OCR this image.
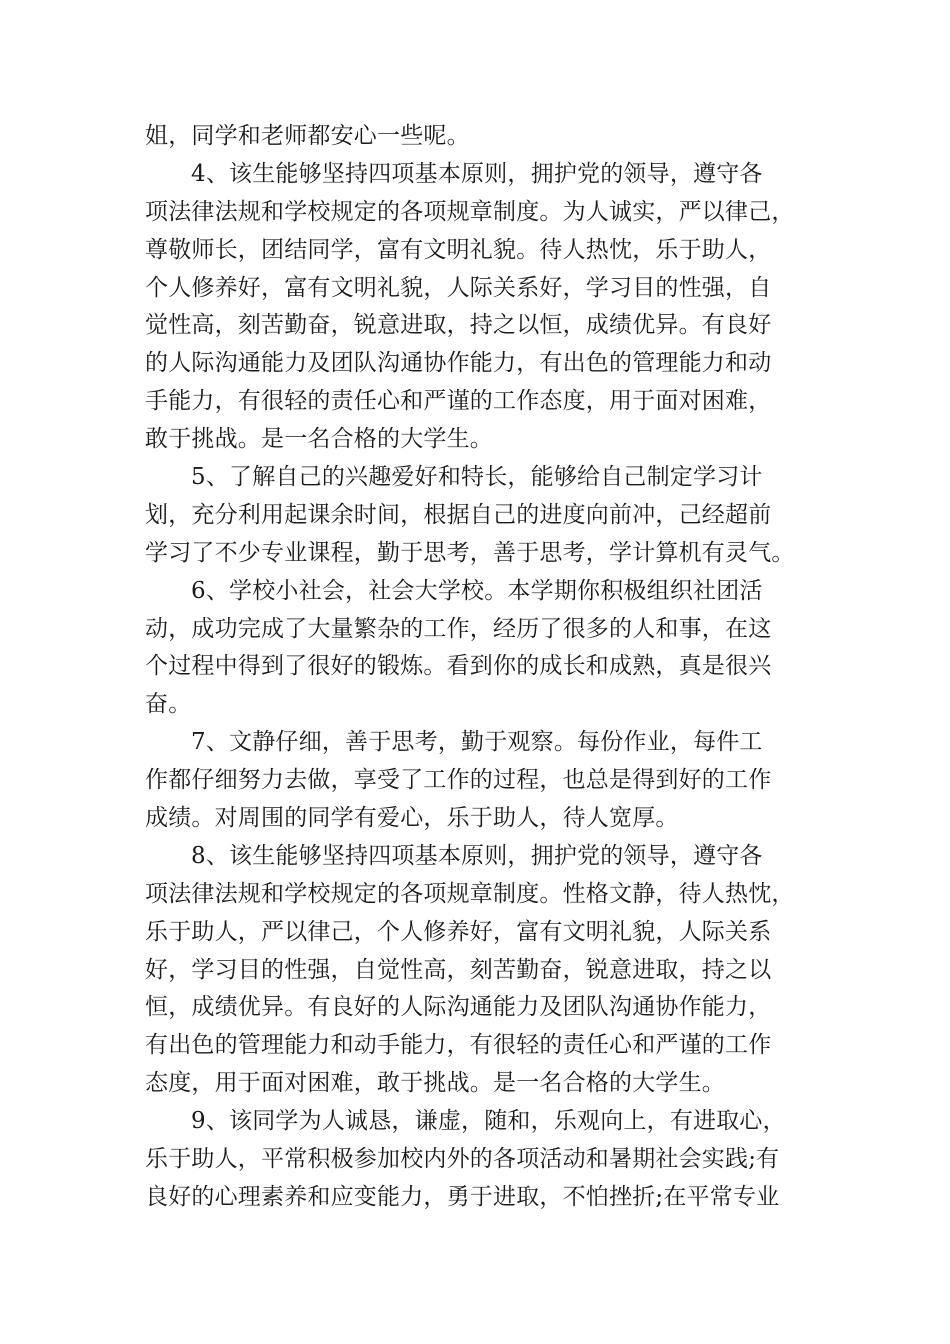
姐，同学和老师都安心一些呢。
4、该生能够坚持四项基本原则，拥护党的领导，遵守各
项法律法规和学校规定的各项规章制度。为人诚实，严以律己，
尊敬师长，团结同学，富有文明礼貌。待人热忱，乐于助人，
个人修养好，富有文明礼貌，人际关系好，学习目的性强，自
觉性高，刻苦勤奋，锐意进取，持之以恒，成绩优异。有良好
的人际沟通能力及团队沟通协作能力，有出色的管理能力和动
手能力，有很轻的责任心和严谨的工作态度，用于面对困难，
敢于挑战。是一名合格的大学生。
5、了解自己的兴趣爱好和特长，能够给自己制定学习计
划，充分利用起课余时间，根据自己的进度向前冲，己经超前
学习了不少专业课程，勤于思考，善于思考，学计算机有灵气。
6、学校小社会，社会大学校。本学期你积极组织社团活
动，成功完成了大量繁杂的工作，经历了很多的人和事，在这
个过程中得到了很好的锻炼。看到你的成长和成熟，真是很兴
奋。
7、文静仔细，善于思考，勤于观察。每份作业，每件工
作都仔细努力去做，享受了工作的过程，也总是得到好的工作
成绩。对周围的同学有爱心，乐于助人，待人宽厚。
8、该生能够坚持四项基本原则，拥护党的领导，遵守各
项法律法规和学校规定的各项规章制度。性格文静，待人热忱，
乐于助人，严以律己，个人修养好，富有文明礼貌，人际关系
好，学习目的性强，自觉性高，刻苦勤奋，锐意进取，持之以
恒，成绩优异。有良好的人际沟通能力及团队沟通协作能力，
有出色的管理能力和动手能力，有很轻的责任心和严谨的工作
态度，用于面对困难，敢于挑战。是一名合格的大学生。
9、该同学为人诚恳，谦虚，随和，乐观向上，有进取心，
乐于助人，平常积极参加校内外的各项活动和暑期社会实践;有
良好的心理素养和应变能力，勇于进取，不怕挫折;在平常专业
